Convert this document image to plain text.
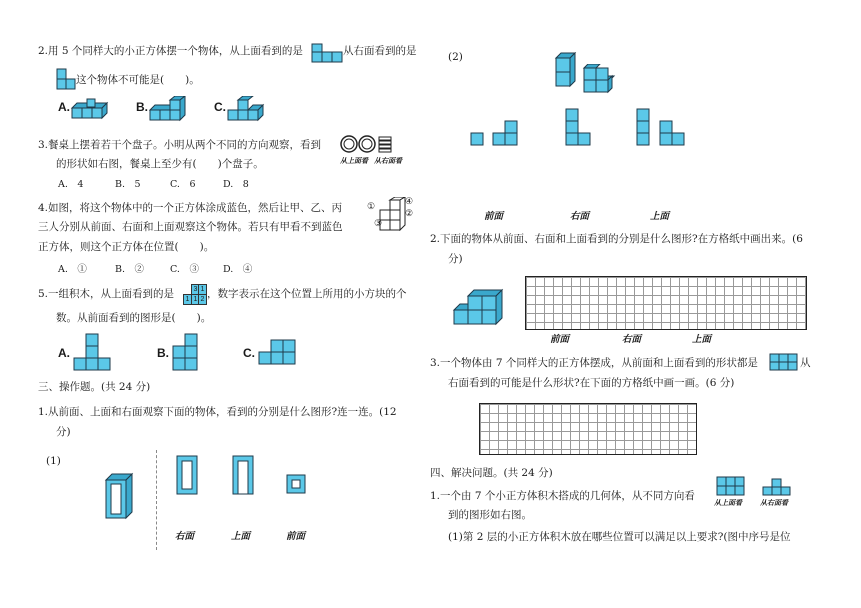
2.用 5 个同样大的小正方体摆一个物体，从上面看到的是	从右面看到的是
这个物体不可能是(　　)。
A.	B.	C.
3.餐桌上摆着若干个盘子。小明从两个不同的方向观察，看到
的形状如右图，餐桌上至少有(　　)个盘子。	从上面看 从右面看
A.　4	B.　5	C.　6	D.　8
4.如图，将这个物体中的一个正方体涂成蓝色，然后让甲、乙、丙
三人分别从前面、右面和上面观察这个物体。若只有甲看不到蓝色
正方体，则这个正方体在位置(　　)。
①	④
②
③
A.　①	B.　②	C.　③	D.　④
5.一组积木，从上面看到的是	3 1
1 1 2 ，数字表示在这个位置上所用的小方块的个
数。从前面看到的图形是(　　)。
A.	B.	C.
三、操作题。(共 24 分)
1.从前面、上面和右面观察下面的物体，看到的分别是什么图形?连一连。(12
分)
(1)
右面	上面	前面
(2)
前面	右面	上面
2.下面的物体从前面、右面和上面看到的分别是什么图形?在方格纸中画出来。(6
分)
前面	右面	上面
3.一个物体由 7 个同样大的正方体摆成，从前面和上面看到的形状都是	从
右面看到的可能是什么形状?在下面的方格纸中画一画。(6 分)
四、解决问题。(共 24 分)
1.一个由 7 个小正方体积木搭成的几何体，从不同方向看
到的图形如右图。
从上面看	从右面看
(1)第 2 层的小正方体积木放在哪些位置可以满足以上要求?(图中序号是位
